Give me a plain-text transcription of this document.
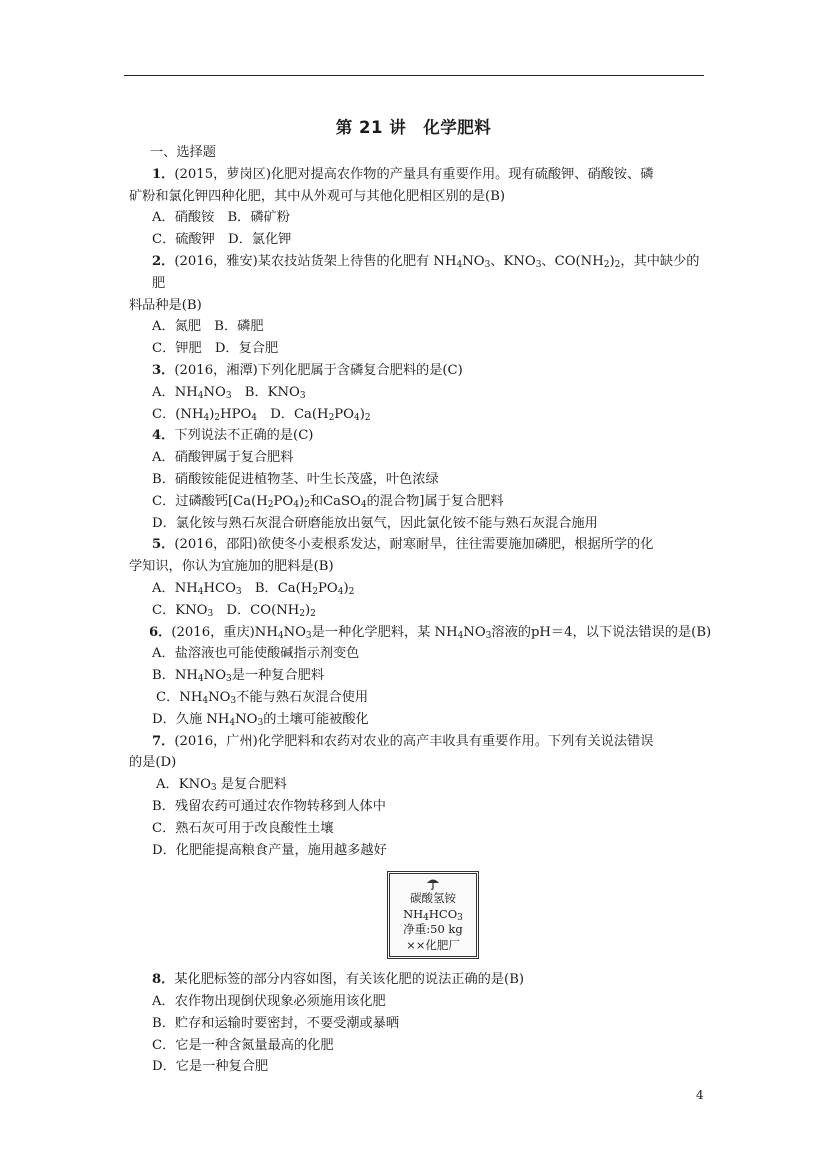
第 21 讲　化学肥料

一、选择题

1．(2015，萝岗区)化肥对提高农作物的产量具有重要作用。现有硫酸钾、硝酸铵、磷

矿粉和氯化钾四种化肥，其中从外观可与其他化肥相区别的是(B)

A．硝酸铵　B．磷矿粉

C．硫酸钾　D．氯化钾

2．(2016，雅安)某农技站货架上待售的化肥有 $NH_4NO_3$、$KNO_3$、$CO(NH_2)_2$，其中缺少的肥

料品种是(B)

A．氮肥　B．磷肥

C．钾肥　D．复合肥

3．(2016，湘潭)下列化肥属于含磷复合肥料的是(C)

A．$NH_4NO_3$　B．$KNO_3$

C．$(NH_4)_2HPO_4$　D．$Ca(H_2PO_4)_2$

4．下列说法不正确的是(C)

A．硝酸钾属于复合肥料

B．硝酸铵能促进植物茎、叶生长茂盛，叶色浓绿

C．过磷酸钙[$Ca(H_2PO_4)_2$和CaSO$_4$的混合物]属于复合肥料

D．氯化铵与熟石灰混合研磨能放出氨气，因此氯化铵不能与熟石灰混合施用

5．(2016，邵阳)欲使冬小麦根系发达，耐寒耐旱，往往需要施加磷肥，根据所学的化

学知识，你认为宜施加的肥料是(B)

A．$NH_4HCO_3$　B．$Ca(H_2PO_4)_2$

C．$KNO_3$　D．$CO(NH_2)_2$

6．(2016，重庆)$NH_4NO_3$是一种化学肥料，某 $NH_4NO_3$溶液的pH＝4，以下说法错误的是(B)

A．盐溶液也可能使酸碱指示剂变色

B．$NH_4NO_3$是一种复合肥料

C．$NH_4NO_3$不能与熟石灰混合使用

D．久施 $NH_4NO_3$的土壤可能被酸化

7．(2016，广州)化学肥料和农药对农业的高产丰收具有重要作用。下列有关说法错误

的是(D)

A．$KNO_3$ 是复合肥料

B．残留农药可通过农作物转移到人体中

C．熟石灰可用于改良酸性土壤

D．化肥能提高粮食产量，施用越多越好

碳酸氢铵
$NH_4HCO_3$
净重:50 kg
××化肥厂

8．某化肥标签的部分内容如图，有关该化肥的说法正确的是(B)

A．农作物出现倒伏现象必须施用该化肥

B．贮存和运输时要密封，不要受潮或暴晒

C．它是一种含氮量最高的化肥

D．它是一种复合肥

4
